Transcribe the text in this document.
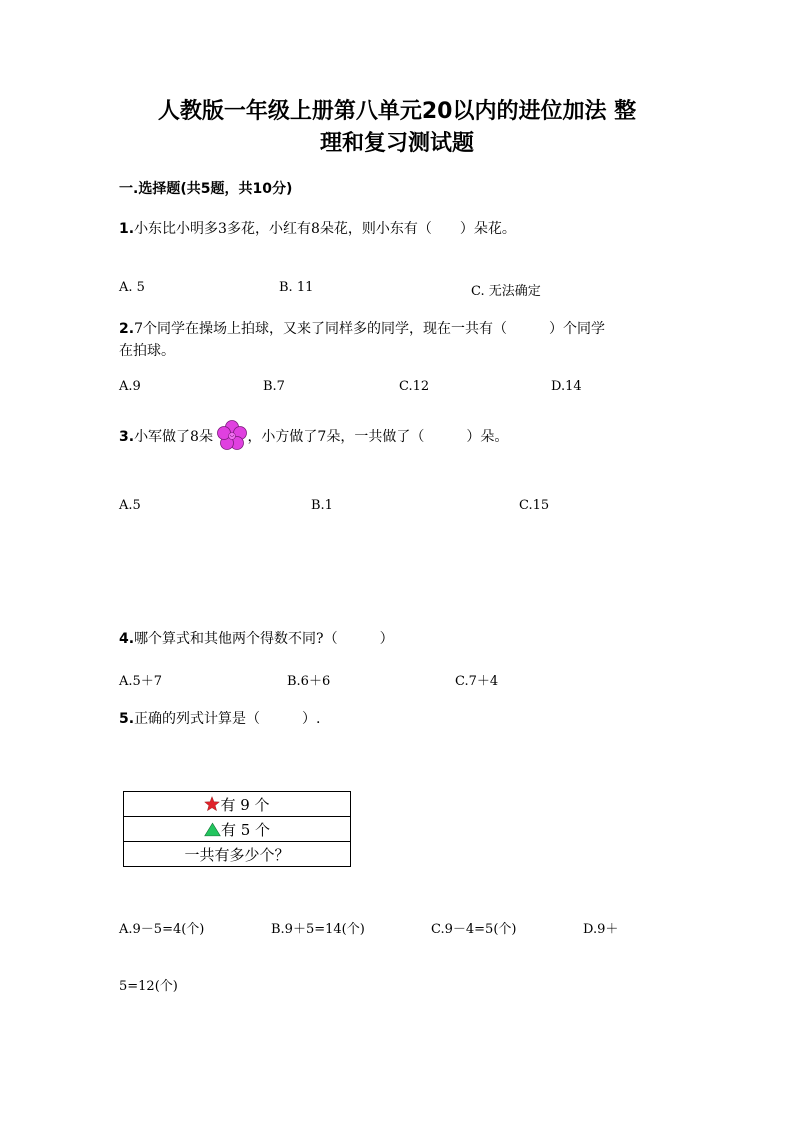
人教版一年级上册第八单元20以内的进位加法 整
理和复习测试题
一.选择题(共5题，共10分)
1.小东比小明多3多花，小红有8朵花，则小东有（　　）朵花。
A. 5	B. 11	C. 无法确定
2.7个同学在操场上拍球，又来了同样多的同学，现在一共有（　　　）个同学
在拍球。
A.9	B.7	C.12	D.14
3.小军做了8朵 ，小方做了7朵，一共做了（　　　）朵。
A.5	B.1	C.15
4.哪个算式和其他两个得数不同?（　　　）
A.5＋7	B.6＋6	C.7＋4
5.正确的列式计算是（　　　）.
有 9 个
有 5 个
一共有多少个？
A.9－5=4(个)	B.9＋5=14(个)	C.9－4=5(个)	D.9＋
5=12(个)
